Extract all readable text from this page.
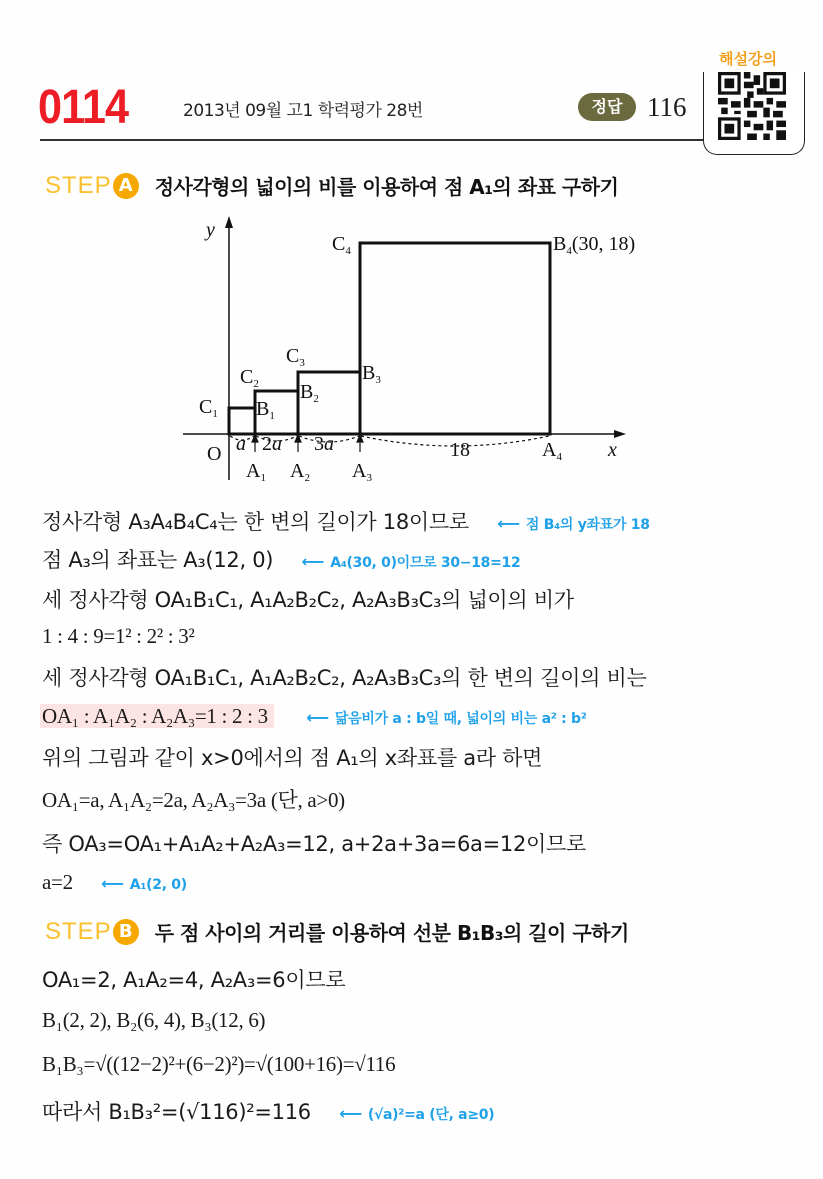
0114	2013년 09월 고1 학력평가 28번	정답 116
해설강의
STEP A	정사각형의 넓이의 비를 이용하여 점 A₁의 좌표 구하기
y
x
O a 2a 3a	18
$A_1$ $A_2$ $A_3$
$A_4$
$B_1$
$B_2$
$B_3$
$B_4(30$, 18)
$C_1$
$C_2$
$C_3$
$C_4$
정사각형 A₃A₄B₄C₄는 한 변의 길이가 18이므로 ⟵ 점 B₄의 y좌표가 18
점 A₃의 좌표는 A₃(12, 0) ⟵ A₄(30, 0)이므로 30−18=12
세 정사각형 OA₁B₁C₁, A₁A₂B₂C₂, A₂A₃B₃C₃의 넓이의 비가
1 : 4 : 9=1² : 2² : 3²
세 정사각형 OA₁B₁C₁, A₁A₂B₂C₂, A₂A₃B₃C₃의 한 변의 길이의 비는
OA₁ : A₁A₂ : A₂A₃=1 : 2 : 3 ⟵ 닮음비가 a : b일 때, 넓이의 비는 a² : b²
위의 그림과 같이 x>0에서의 점 A₁의 x좌표를 a라 하면
OA₁=a, A₁A₂=2a, A₂A₃=3a (단, a>0)
즉 OA₃=OA₁+A₁A₂+A₂A₃=12, a+2a+3a=6a=12이므로
a=2 ⟵ A₁(2, 0)
STEP B	두 점 사이의 거리를 이용하여 선분 B₁B₃의 길이 구하기
OA₁=2, A₁A₂=4, A₂A₃=6이므로
B₁(2, 2), B₂(6, 4), B₃(12, 6)
B₁B₃=√((12−2)²+(6−2)²)=√(100+16)=√116
따라서 B₁B₃²=(√116)²=116 ⟵ (√a)²=a (단, a≥0)
